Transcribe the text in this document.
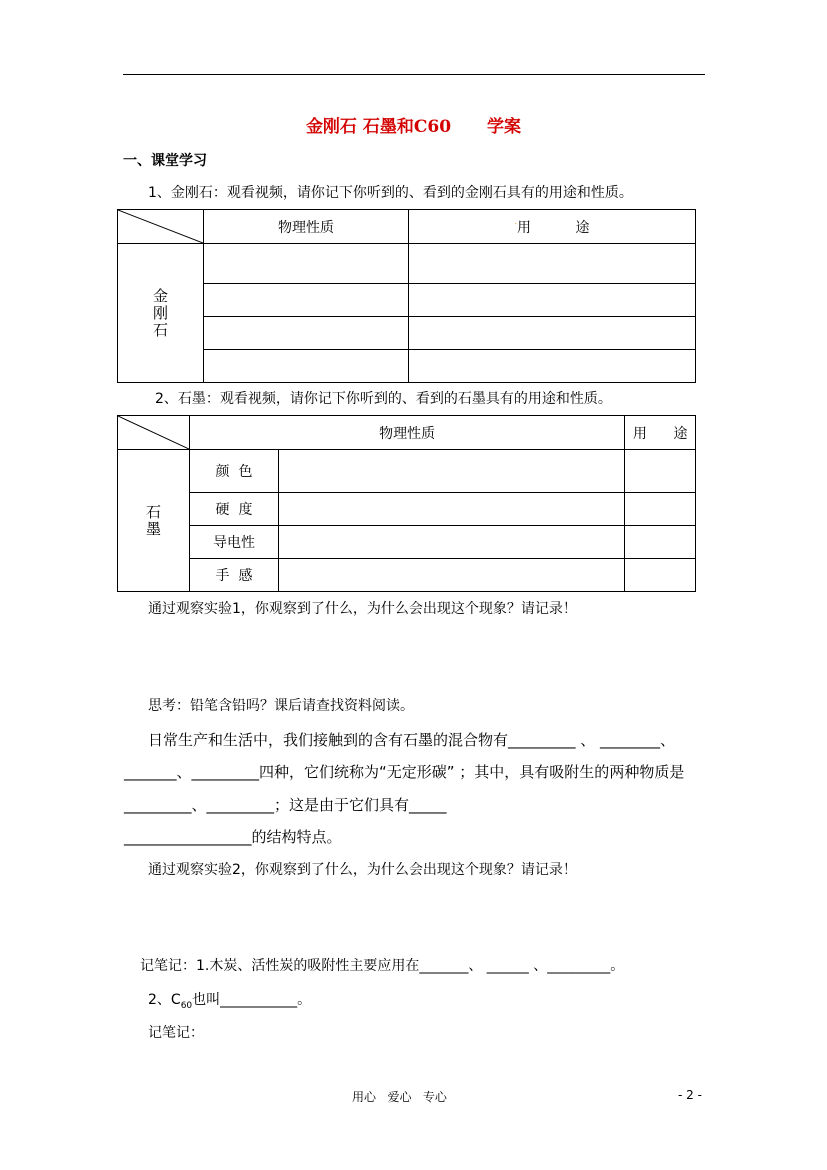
金刚石 石墨和C60 学案
一、课堂学习
1、金刚石：观看视频，请你记下你听到的、看到的金刚石具有的用途和性质。
	物理性质	.用          途

金刚石		

2、石墨：观看视频，请你记下你听到的、看到的石墨具有的用途和性质。
	物理性质		用      途

石墨	颜  色		
	硬  度		
	导电性		
	手  感		
通过观察实验1，你观察到了什么，为什么会出现这个现象？请记录！
思考：铅笔含铅吗？课后请查找资料阅读。
日常生产和生活中，我们接触到的含有石墨的混合物有_________ 、 ________、
_______、_________四种，它们统称为“无定形碳” ；其中，具有吸附生的两种物质是
_________、_________；这是由于它们具有_____
_________________的结构特点。
通过观察实验2，你观察到了什么，为什么会出现这个现象？请记录！
记笔记：1.木炭、活性炭的吸附性主要应用在_______、 ______ 、_________。
2、$C_{60}$也叫___________。
记笔记：
用心   爱心   专心	- 2 -
